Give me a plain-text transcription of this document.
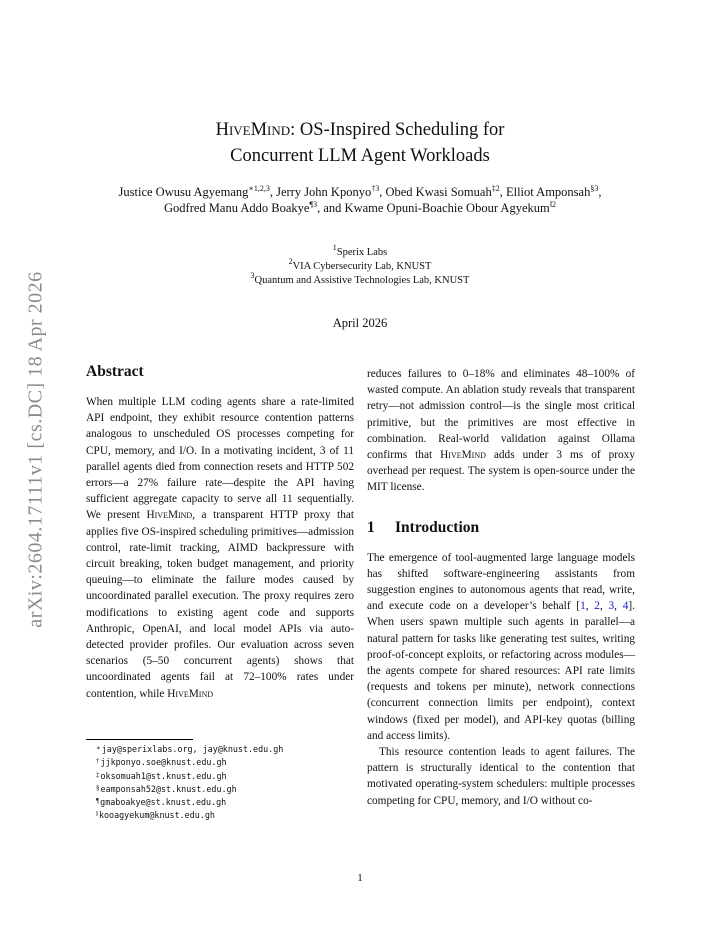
arXiv:2604.17111v1 [cs.DC] 18 Apr 2026
HiveMind: OS-Inspired Scheduling for
Concurrent LLM Agent Workloads
Justice Owusu Agyemang$^{∗1,2,3}$, Jerry John Kponyo$^{\dagger 3}$, Obed Kwasi Somuah$^{\ddagger 2}$, Elliot Amponsah$^{\S 3}$, Godfred Manu Addo Boakye$^{\P 3}$, and Kwame Opuni-Boachie Obour Agyekum$^{‖2}$
$^1$Sperix Labs
$^2$VIA Cybersecurity Lab, KNUST
$^3$Quantum and Assistive Technologies Lab, KNUST
April 2026
Abstract

When multiple LLM coding agents share a rate-limited API endpoint, they exhibit resource contention patterns analogous to unscheduled OS processes competing for CPU, memory, and I/O. In a motivating incident, 3 of 11 parallel agents died from connection resets and HTTP 502 errors—a 27% failure rate—despite the API having sufficient aggregate capacity to serve all 11 sequentially. We present HiveMind, a transparent HTTP proxy that applies five OS-inspired scheduling primitives—admission control, rate-limit tracking, AIMD backpressure with circuit breaking, token budget management, and priority queuing—to eliminate the failure modes caused by uncoordinated parallel execution. The proxy requires zero modifications to existing agent code and supports Anthropic, OpenAI, and local model APIs via auto-detected provider profiles. Our evaluation across seven scenarios (5–50 concurrent agents) shows that uncoordinated agents fail at 72–100% rates under contention, while HiveMind

reduces failures to 0–18% and eliminates 48–100% of wasted compute. An ablation study reveals that transparent retry—not admission control—is the single most critical primitive, but the primitives are most effective in combination. Real-world validation against Ollama confirms that HiveMind adds under 3 ms of proxy overhead per request. The system is open-source under the MIT license.

1	Introduction

The emergence of tool-augmented large language models has shifted software-engineering assistants from suggestion engines to autonomous agents that read, write, and execute code on a developer’s behalf [1, 2, 3, 4]. When users spawn multiple such agents in parallel—a natural pattern for tasks like generating test suites, writing proof-of-concept exploits, or refactoring across modules—the agents compete for shared resources: API rate limits (requests and tokens per minute), network connections (concurrent connection limits per endpoint), context windows (fixed per model), and API-key quotas (billing and access limits).

This resource contention leads to agent failures. The pattern is structurally identical to the contention that motivated operating-system schedulers: multiple processes competing for CPU, memory, and I/O without co-

∗ jay@sperixlabs.org, jay@knust.edu.gh
† jjkponyo.soe@knust.edu.gh
‡ oksomuah1@st.knust.edu.gh
§ eamponsah52@st.knust.edu.gh
¶ gmaboakye@st.knust.edu.gh
‖ kooagyekum@knust.edu.gh
1
